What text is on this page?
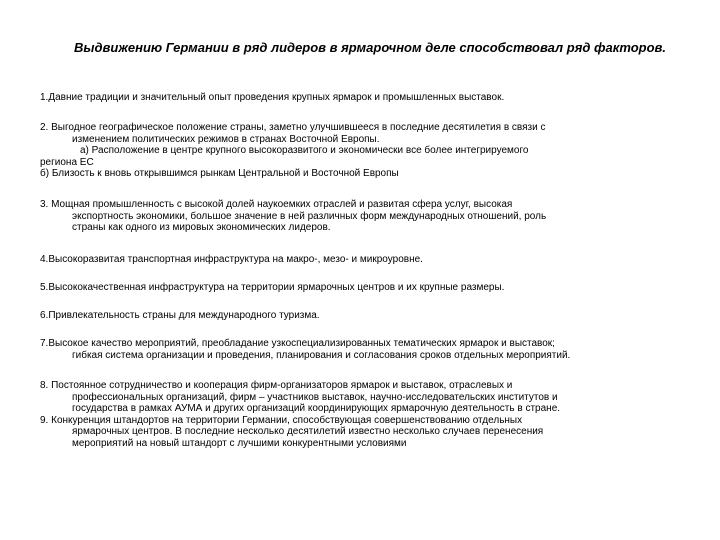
Выдвижению Германии в ряд лидеров в ярмарочном деле способствовал ряд факторов.
1.Давние традиции и значительный опыт проведения крупных ярмарок и промышленных выставок.
2. Выгодное географическое положение страны, заметно улучшившееся в последние десятилетия в связи с
изменением политических режимов в странах Восточной Европы.
а) Расположение в центре крупного высокоразвитого и экономически все более интегрируемого
региона ЕС
б) Близость к вновь открывшимся рынкам Центральной и Восточной Европы
3. Мощная промышленность с высокой долей наукоемких отраслей и развитая сфера услуг, высокая
экспортность экономики, большое значение в ней различных форм международных отношений, роль
страны как одного из мировых экономических лидеров.
4.Высокоразвитая транспортная инфраструктура на макро-, мезо- и микроуровне.
5.Высококачественная инфраструктура на территории ярмарочных центров и их крупные размеры.
6.Привлекательность страны для международного туризма.
7.Высокое качество мероприятий, преобладание узкоспециализированных тематических ярмарок и выставок;
гибкая система организации и проведения, планирования и согласования сроков отдельных мероприятий.
8. Постоянное сотрудничество и кооперация фирм-организаторов ярмарок и выставок, отраслевых и
профессиональных организаций, фирм – участников выставок, научно-исследовательских институтов и
государства в рамках АУМА и других организаций координирующих ярмарочную деятельность в стране.
9. Конкуренция штандортов на территории Германии, способствующая совершенствованию отдельных
ярмарочных центров. В последние несколько десятилетий известно несколько случаев перенесения
мероприятий на новый штандорт с лучшими конкурентными условиями
